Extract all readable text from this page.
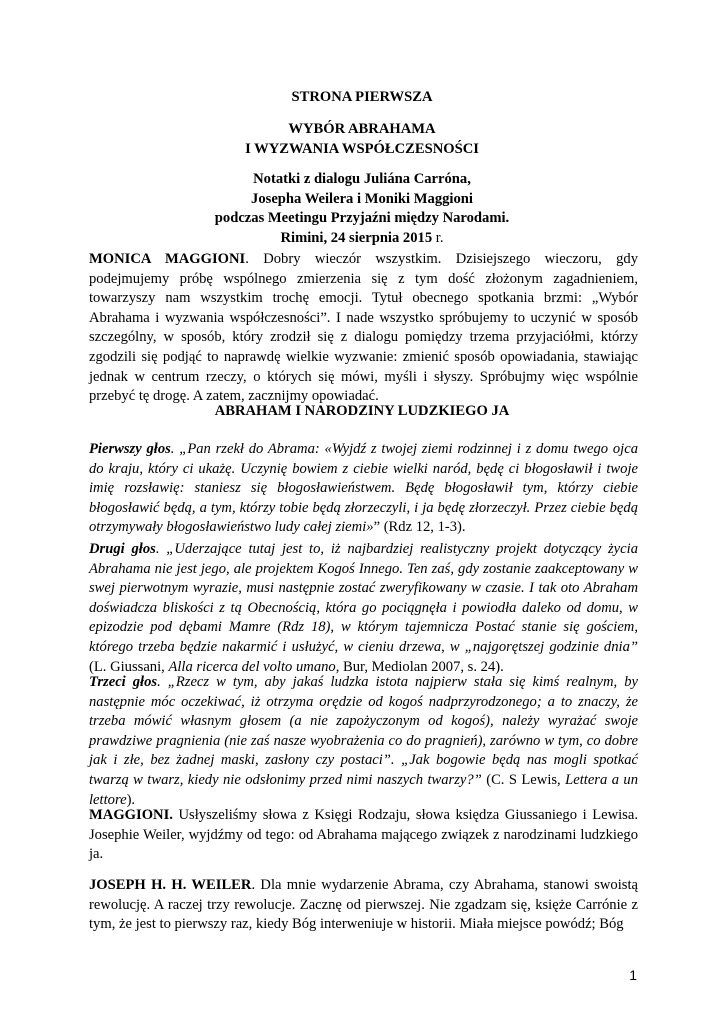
STRONA PIERWSZA
WYBÓR ABRAHAMA
I WYZWANIA WSPÓŁCZESNOŚCI
Notatki z dialogu Juliána Carróna,
Josepha Weilera i Moniki Maggioni
podczas Meetingu Przyjaźni między Narodami.
Rimini, 24 sierpnia 2015 r.
MONICA MAGGIONI. Dobry wieczór wszystkim. Dzisiejszego wieczoru, gdy podejmujemy próbę wspólnego zmierzenia się z tym dość złożonym zagadnieniem, towarzyszy nam wszystkim trochę emocji. Tytuł obecnego spotkania brzmi: „Wybór Abrahama i wyzwania współczesności”. I nade wszystko spróbujemy to uczynić w sposób szczególny, w sposób, który zrodził się z dialogu pomiędzy trzema przyjaciółmi, którzy zgodzili się podjąć to naprawdę wielkie wyzwanie: zmienić sposób opowiadania, stawiając jednak w centrum rzeczy, o których się mówi, myśli i słyszy. Spróbujmy więc wspólnie przebyć tę drogę. A zatem, zacznijmy opowiadać.
ABRAHAM I NARODZINY LUDZKIEGO JA
Pierwszy głos. „Pan rzekł do Abrama: «Wyjdź z twojej ziemi rodzinnej i z domu twego ojca do kraju, który ci ukażę. Uczynię bowiem z ciebie wielki naród, będę ci błogosławił i twoje imię rozsławię: staniesz się błogosławieństwem. Będę błogosławił tym, którzy ciebie błogosławić będą, a tym, którzy tobie będą złorzeczyli, i ja będę złorzeczył. Przez ciebie będą otrzymywały błogosławieństwo ludy całej ziemi»” (Rdz 12, 1-3).
Drugi głos. „Uderzające tutaj jest to, iż najbardziej realistyczny projekt dotyczący życia Abrahama nie jest jego, ale projektem Kogoś Innego. Ten zaś, gdy zostanie zaakceptowany w swej pierwotnym wyrazie, musi następnie zostać zweryfikowany w czasie. I tak oto Abraham doświadcza bliskości z tą Obecnością, która go pociągnęła i powiodła daleko od domu, w epizodzie pod dębami Mamre (Rdz 18), w którym tajemnicza Postać stanie się gościem, którego trzeba będzie nakarmić i usłużyć, w cieniu drzewa, w „najgorętszej godzinie dnia” (L. Giussani, Alla ricerca del volto umano, Bur, Mediolan 2007, s. 24).
Trzeci głos. „Rzecz w tym, aby jakaś ludzka istota najpierw stała się kimś realnym, by następnie móc oczekiwać, iż otrzyma orędzie od kogoś nadprzyrodzonego; a to znaczy, że trzeba mówić własnym głosem (a nie zapożyczonym od kogoś), należy wyrażać swoje prawdziwe pragnienia (nie zaś nasze wyobrażenia co do pragnień), zarówno w tym, co dobre jak i złe, bez żadnej maski, zasłony czy postaci”. „Jak bogowie będą nas mogli spotkać twarzą w twarz, kiedy nie odsłonimy przed nimi naszych twarzy?” (C. S Lewis, Lettera a un lettore).
MAGGIONI. Usłyszeliśmy słowa z Księgi Rodzaju, słowa księdza Giussaniego i Lewisa. Josephie Weiler, wyjdźmy od tego: od Abrahama mającego związek z narodzinami ludzkiego ja.
JOSEPH H. H. WEILER. Dla mnie wydarzenie Abrama, czy Abrahama, stanowi swoistą rewolucję. A raczej trzy rewolucje. Zacznę od pierwszej. Nie zgadzam się, księże Carrónie z tym, że jest to pierwszy raz, kiedy Bóg interweniuje w historii. Miała miejsce powódź; Bóg
1
